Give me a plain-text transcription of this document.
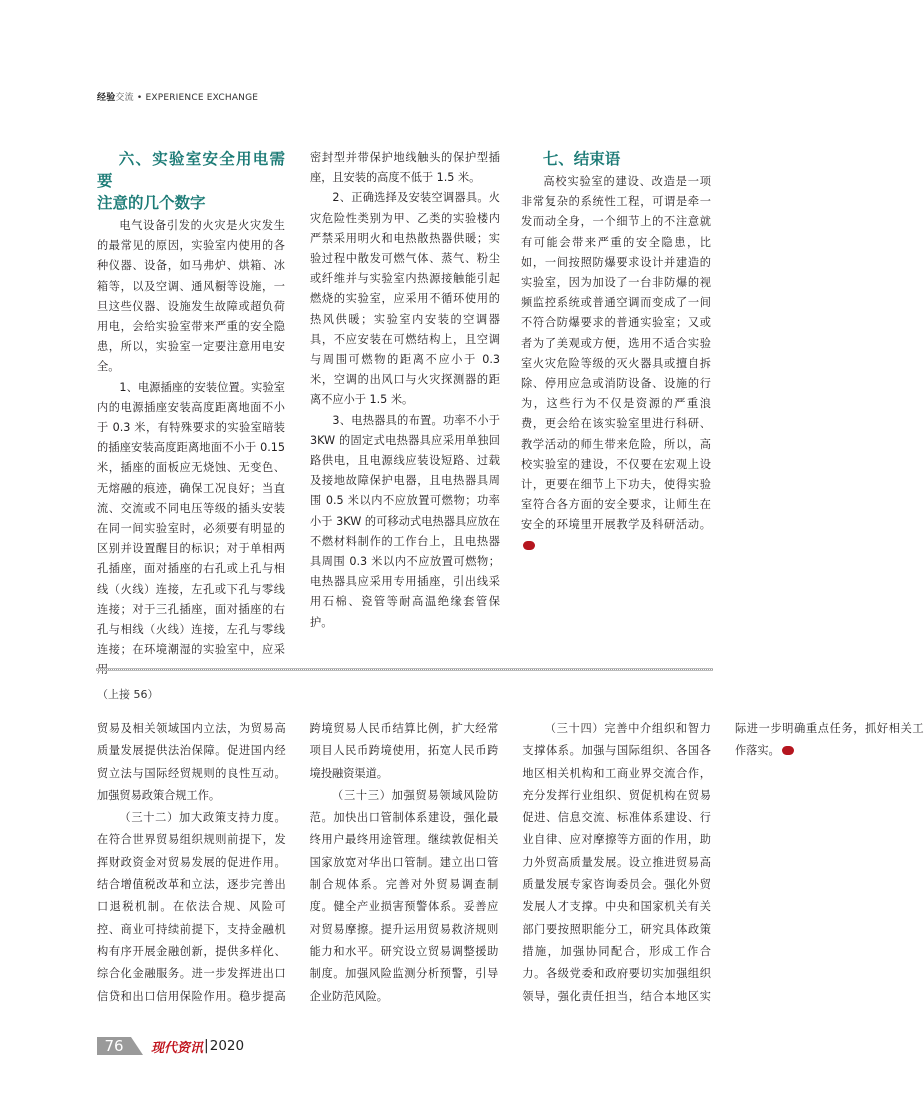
经验交流 • EXPERIENCE EXCHANGE
六、实验室安全用电需要
注意的几个数字

电气设备引发的火灾是火灾发生的最常见的原因，实验室内使用的各种仪器、设备，如马弗炉、烘箱、冰箱等，以及空调、通风橱等设施，一旦这些仪器、设施发生故障或超负荷用电，会给实验室带来严重的安全隐患，所以，实验室一定要注意用电安全。

1、电源插座的安装位置。实验室内的电源插座安装高度距离地面不小于 0.3 米，有特殊要求的实验室暗装的插座安装高度距离地面不小于 0.15 米，插座的面板应无烧蚀、无变色、无熔融的痕迹，确保工况良好；当直流、交流或不同电压等级的插头安装在同一间实验室时，必须要有明显的区别并设置醒目的标识；对于单相两孔插座，面对插座的右孔或上孔与相线（火线）连接，左孔或下孔与零线连接；对于三孔插座，面对插座的右孔与相线（火线）连接，左孔与零线连接；在环境潮湿的实验室中，应采

密封型并带保护地线触头的保护型插座，且安装的高度不低于 1.5 米。

2、正确选择及安装空调器具。火灾危险性类别为甲、乙类的实验楼内严禁采用明火和电热散热器供暖；实验过程中散发可燃气体、蒸气、粉尘或纤维并与实验室内热源接触能引起燃烧的实验室，应采用不循环使用的热风供暖；实验室内安装的空调器具，不应安装在可燃结构上，且空调与周围可燃物的距离不应小于 0.3 米，空调的出风口与火灾探测器的距离不应小于 1.5 米。

3、电热器具的布置。功率不小于 3KW 的固定式电热器具应采用单独回路供电，且电源线应装设短路、过载及接地故障保护电器，且电热器具周围 0.5 米以内不应放置可燃物；功率小于 3KW 的可移动式电热器具应放在不燃材料制作的工作台上，且电热器具周围 0.3 米以内不应放置可燃物；电热器具应采用专用插座，引出线采用石棉、瓷管等耐高温绝缘套管保护。

七、结束语

高校实验室的建设、改造是一项非常复杂的系统性工程，可谓是牵一发而动全身，一个细节上的不注意就有可能会带来严重的安全隐患，比如，一间按照防爆要求设计并建造的实验室，因为加设了一台非防爆的视频监控系统或普通空调而变成了一间不符合防爆要求的普通实验室；又或者为了美观或方便，选用不适合实验室火灾危险等级的灭火器具或擅自拆除、停用应急或消防设备、设施的行为，这些行为不仅是资源的严重浪费，更会给在该实验室里进行科研、教学活动的师生带来危险，所以，高校实验室的建设，不仅要在宏观上设计，更要在细节上下功夫，使得实验室符合各方面的安全要求，让师生在安全的环境里开展教学及科研活动。
ccc

（上接 56）

贸易及相关领域国内立法，为贸易高质量发展提供法治保障。促进国内经贸立法与国际经贸规则的良性互动。加强贸易政策合规工作。

（三十二）加大政策支持力度。在符合世界贸易组织规则前提下，发挥财政资金对贸易发展的促进作用。结合增值税改革和立法，逐步完善出口退税机制。在依法合规、风险可控、商业可持续前提下，支持金融机构有序开展金融创新，提供多样化、综合化金融服务。进一步发挥进出口信贷和出口信用保险作用。稳步提高跨境贸易人民币结算比例，扩大经常项目人民币跨境使用，拓宽人民币跨境投融资渠道。

（三十三）加强贸易领域风险防范。加快出口管制体系建设，强化最终用户最终用途管理。继续敦促相关国家放宽对华出口管制。建立出口管制合规体系。完善对外贸易调查制度。健全产业损害预警体系。妥善应对贸易摩擦。提升运用贸易救济规则能力和水平。研究设立贸易调整援助制度。加强风险监测分析预警，引导企业防范风险。

（三十四）完善中介组织和智力支撑体系。加强与国际组织、各国各地区相关机构和工商业界交流合作，充分发挥行业组织、贸促机构在贸易促进、信息交流、标准体系建设、行业自律、应对摩擦等方面的作用，助力外贸高质量发展。设立推进贸易高质量发展专家咨询委员会。强化外贸发展人才支撑。中央和国家机关有关部门要按照职能分工，研究具体政策措施，加强协同配合，形成工作合力。各级党委和政府要切实加强组织领导，强化责任担当，结合本地区实际进一步明确重点任务，抓好相关工作落实。
ccc

76	现代资讯 | 2020
